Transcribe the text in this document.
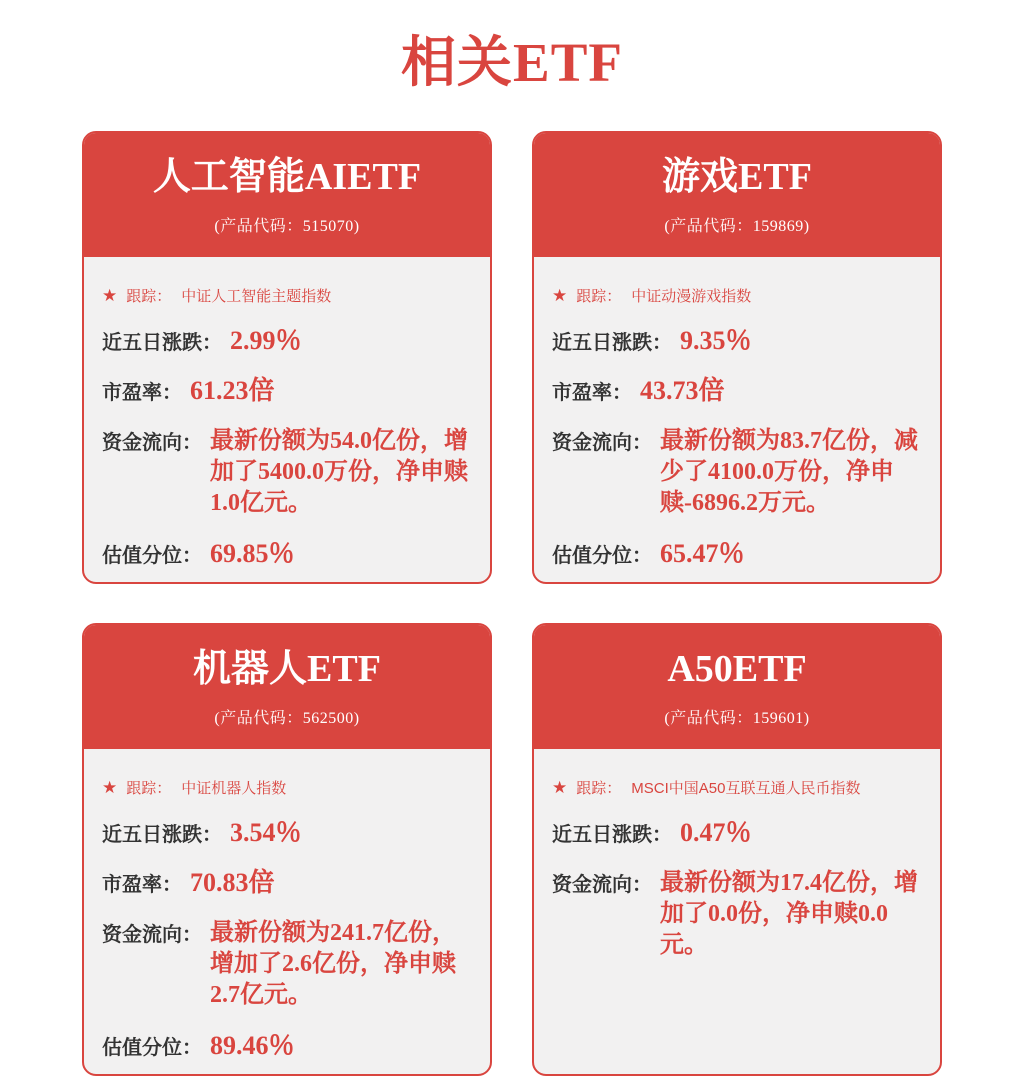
相关ETF
人工智能AIETF
(产品代码：515070)
★ 跟踪： 中证人工智能主题指数
近五日涨跌： 2.99％
市盈率： 61.23倍
资金流向： 最新份额为54.0亿份，增加了5400.0万份，净申赎1.0亿元。
估值分位： 69.85％
游戏ETF
(产品代码：159869)
★ 跟踪： 中证动漫游戏指数
近五日涨跌： 9.35％
市盈率： 43.73倍
资金流向： 最新份额为83.7亿份，减少了4100.0万份，净申赎-6896.2万元。
估值分位： 65.47％
机器人ETF
(产品代码：562500)
★ 跟踪： 中证机器人指数
近五日涨跌： 3.54％
市盈率： 70.83倍
资金流向： 最新份额为241.7亿份，增加了2.6亿份，净申赎2.7亿元。
估值分位： 89.46％
A50ETF
(产品代码：159601)
★ 跟踪： MSCI中国A50互联互通人民币指数
近五日涨跌： 0.47％
资金流向： 最新份额为17.4亿份，增加了0.0份，净申赎0.0元。
